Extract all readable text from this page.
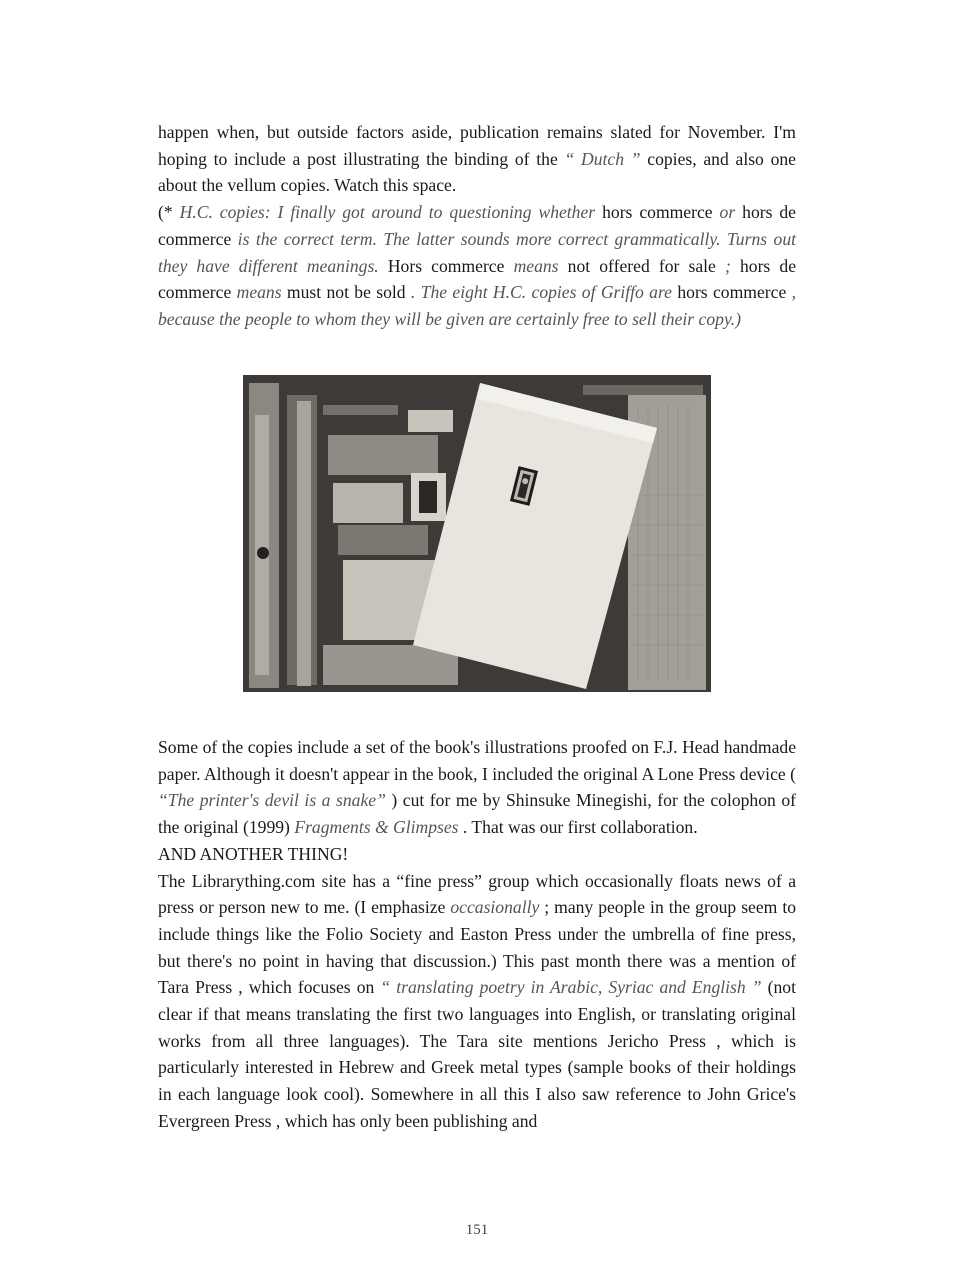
happen when, but outside factors aside, publication remains slated for November. I'm hoping to include a post illustrating the binding of the “ Dutch ” copies, and also one about the vellum copies. Watch this space.
(* H.C. copies: I finally got around to questioning whether hors commerce or hors de commerce is the correct term. The latter sounds more correct grammatically. Turns out they have different meanings. Hors commerce means not offered for sale ; hors de commerce means must not be sold . The eight H.C. copies of Griffo are hors commerce , because the people to whom they will be given are certainly free to sell their copy.)
Some of the copies include a set of the book's illustrations proofed on F.J. Head handmade paper. Although it doesn't appear in the book, I included the original A Lone Press device ( “The printer's devil is a snake” ) cut for me by Shinsuke Minegishi, for the colophon of the original (1999) Fragments & Glimpses . That was our first collaboration.
AND ANOTHER THING!
The Librarything.com site has a “fine press” group which occasionally floats news of a press or person new to me. (I emphasize occasionally ; many people in the group seem to include things like the Folio Society and Easton Press under the umbrella of fine press, but there's no point in having that discussion.) This past month there was a mention of Tara Press , which focuses on “ translating poetry in Arabic, Syriac and English ” (not clear if that means translating the first two languages into English, or translating original works from all three languages). The Tara site mentions Jericho Press , which is particularly interested in Hebrew and Greek metal types (sample books of their holdings in each language look cool). Somewhere in all this I also saw reference to John Grice's Evergreen Press , which has only been publishing and
151
